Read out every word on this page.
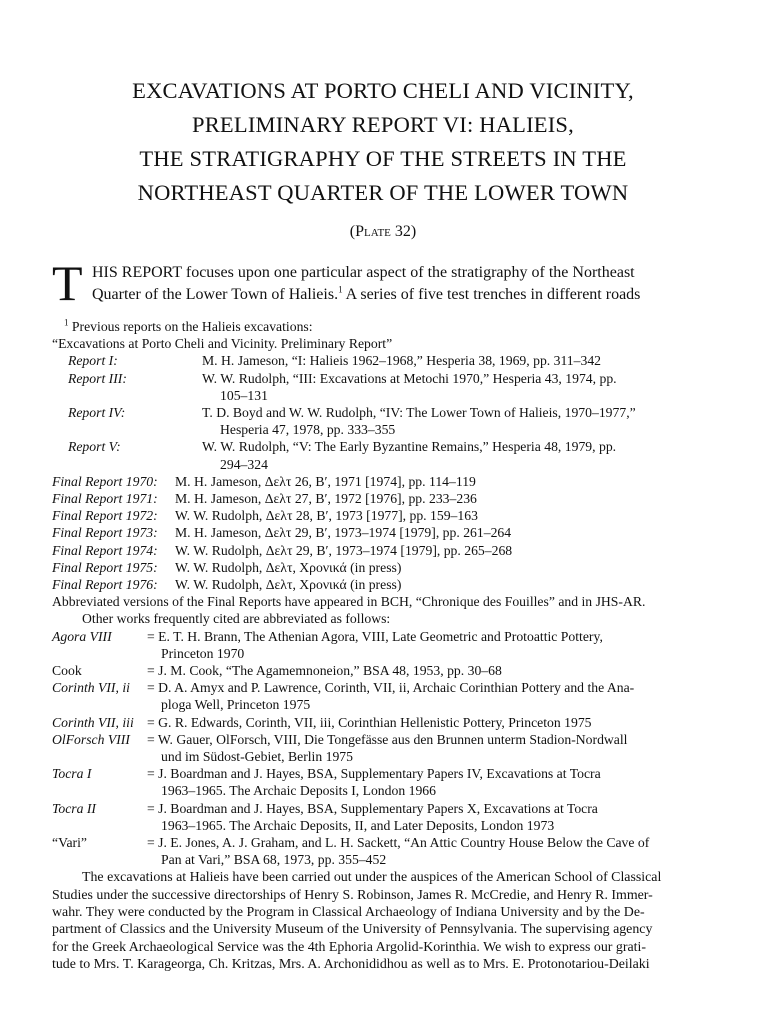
EXCAVATIONS AT PORTO CHELI AND VICINITY,
PRELIMINARY REPORT VI: HALIEIS,
THE STRATIGRAPHY OF THE STREETS IN THE
NORTHEAST QUARTER OF THE LOWER TOWN
(Plate 32)
T HIS REPORT focuses upon one particular aspect of the stratigraphy of the Northeast
Quarter of the Lower Town of Halieis.$^1$ A series of five test trenches in different roads
$^1$ Previous reports on the Halieis excavations:
“Excavations at Porto Cheli and Vicinity. Preliminary Report”
Report I:	M. H. Jameson, “I: Halieis 1962–1968,” Hesperia 38, 1969, pp. 311–342
Report III:	W. W. Rudolph, “III: Excavations at Metochi 1970,” Hesperia 43, 1974, pp.
105–131
Report IV:	T. D. Boyd and W. W. Rudolph, “IV: The Lower Town of Halieis, 1970–1977,”
Hesperia 47, 1978, pp. 333–355
Report V:	W. W. Rudolph, “V: The Early Byzantine Remains,” Hesperia 48, 1979, pp.
294–324
Final Report 1970: M. H. Jameson, Δελτ 26, B′, 1971 [1974], pp. 114–119
Final Report 1971: M. H. Jameson, Δελτ 27, B′, 1972 [1976], pp. 233–236
Final Report 1972: W. W. Rudolph, Δελτ 28, B′, 1973 [1977], pp. 159–163
Final Report 1973: M. H. Jameson, Δελτ 29, B′, 1973–1974 [1979], pp. 261–264
Final Report 1974: W. W. Rudolph, Δελτ 29, B′, 1973–1974 [1979], pp. 265–268
Final Report 1975: W. W. Rudolph, Δελτ, Χρονικά (in press)
Final Report 1976: W. W. Rudolph, Δελτ, Χρονικά (in press)
Abbreviated versions of the Final Reports have appeared in BCH, “Chronique des Fouilles” and in JHS-AR.
Other works frequently cited are abbreviated as follows:
Agora VIII	= E. T. H. Brann, The Athenian Agora, VIII, Late Geometric and Protoattic Pottery,
Princeton 1970
Cook	= J. M. Cook, “The Agamemnoneion,” BSA 48, 1953, pp. 30–68
Corinth VII, ii = D. A. Amyx and P. Lawrence, Corinth, VII, ii, Archaic Corinthian Pottery and the Ana-
ploga Well, Princeton 1975
Corinth VII, iii = G. R. Edwards, Corinth, VII, iii, Corinthian Hellenistic Pottery, Princeton 1975
OlForsch VIII = W. Gauer, OlForsch, VIII, Die Tongefässe aus den Brunnen unterm Stadion-Nordwall
und im Südost-Gebiet, Berlin 1975
Tocra I	= J. Boardman and J. Hayes, BSA, Supplementary Papers IV, Excavations at Tocra
1963–1965. The Archaic Deposits I, London 1966
Tocra II	= J. Boardman and J. Hayes, BSA, Supplementary Papers X, Excavations at Tocra
1963–1965. The Archaic Deposits, II, and Later Deposits, London 1973
“Vari”	= J. E. Jones, A. J. Graham, and L. H. Sackett, “An Attic Country House Below the Cave of
Pan at Vari,” BSA 68, 1973, pp. 355–452
The excavations at Halieis have been carried out under the auspices of the American School of Classical
Studies under the successive directorships of Henry S. Robinson, James R. McCredie, and Henry R. Immer-
wahr. They were conducted by the Program in Classical Archaeology of Indiana University and by the De-
partment of Classics and the University Museum of the University of Pennsylvania. The supervising agency
for the Greek Archaeological Service was the 4th Ephoria Argolid-Korinthia. We wish to express our grati-
tude to Mrs. T. Karageorga, Ch. Kritzas, Mrs. A. Archonididhou as well as to Mrs. E. Protonotariou-Deilaki
